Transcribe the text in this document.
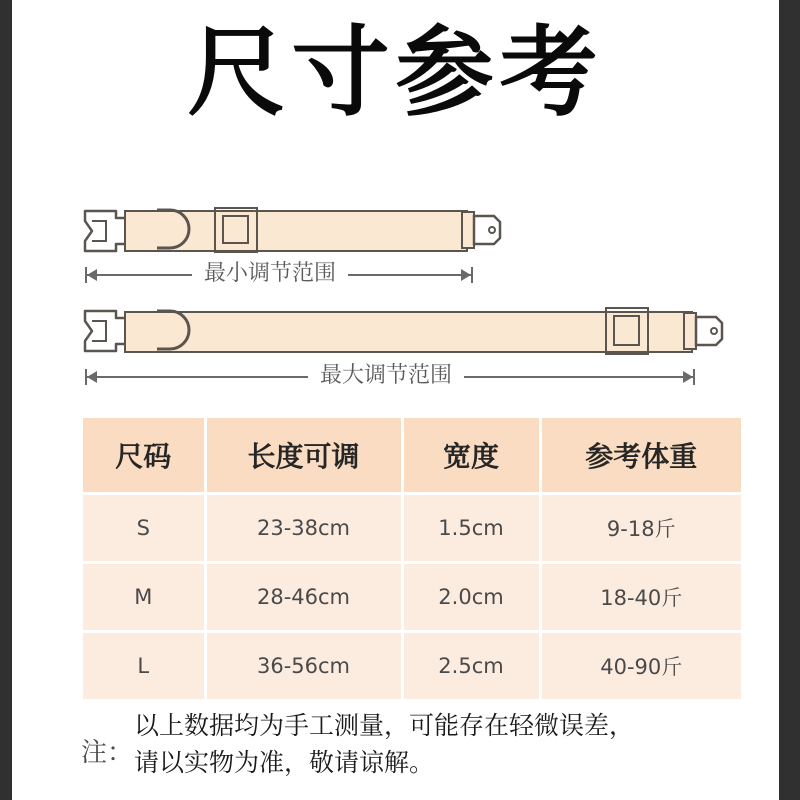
尺寸参考
最小调节范围
最大调节范围
尺码	长度可调	宽度	参考体重
S	23-38cm	1.5cm	9-18斤
M	28-46cm	2.0cm	18-40斤
L	36-56cm	2.5cm	40-90斤
注：
以上数据均为手工测量，可能存在轻微误差，
请以实物为准，敬请谅解。
